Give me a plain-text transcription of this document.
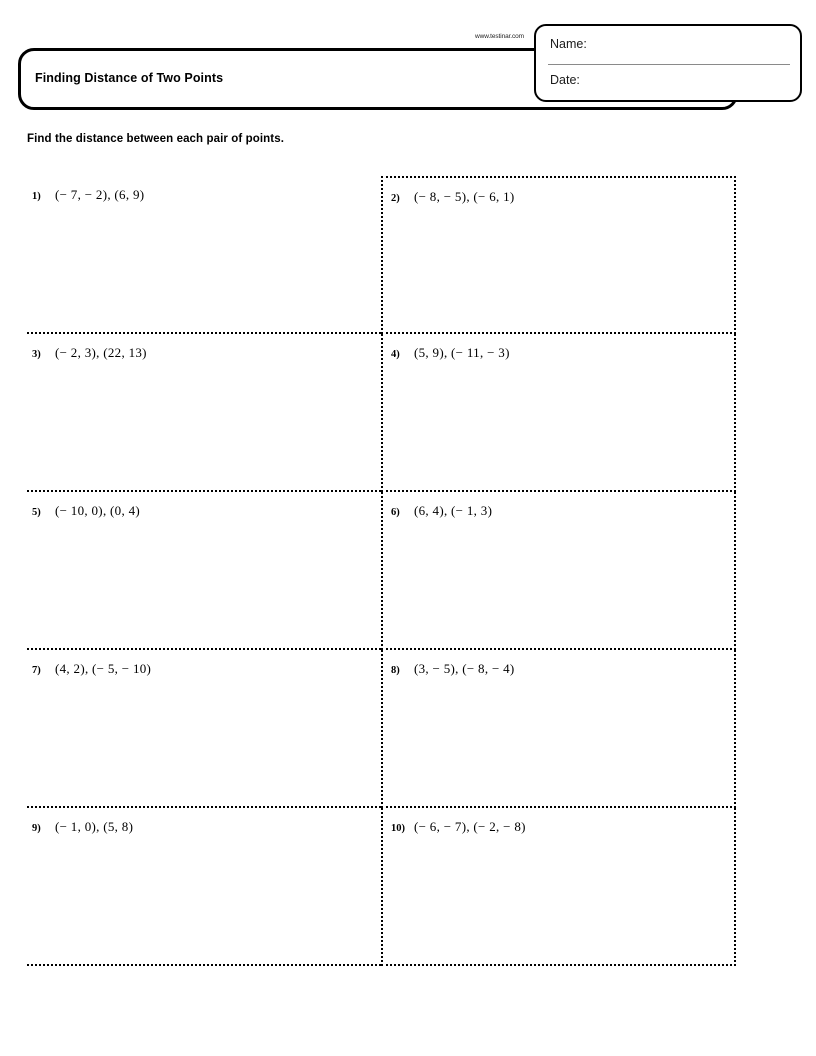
www.testinar.com
Finding Distance of Two Points
Name:
Date:
Find the distance between each pair of points.
1)	(− 7, − 2), (6, 9)	2)	(− 8, − 5), (− 6, 1)
3)	(− 2, 3), (22, 13)	4)	(5, 9), (− 11, − 3)
5)	(− 10, 0), (0, 4)	6)	(6, 4), (− 1, 3)
7)	(4, 2), (− 5, − 10)	8)	(3, − 5), (− 8, − 4)
9)	(− 1, 0), (5, 8)	10) (− 6, − 7), (− 2, − 8)
